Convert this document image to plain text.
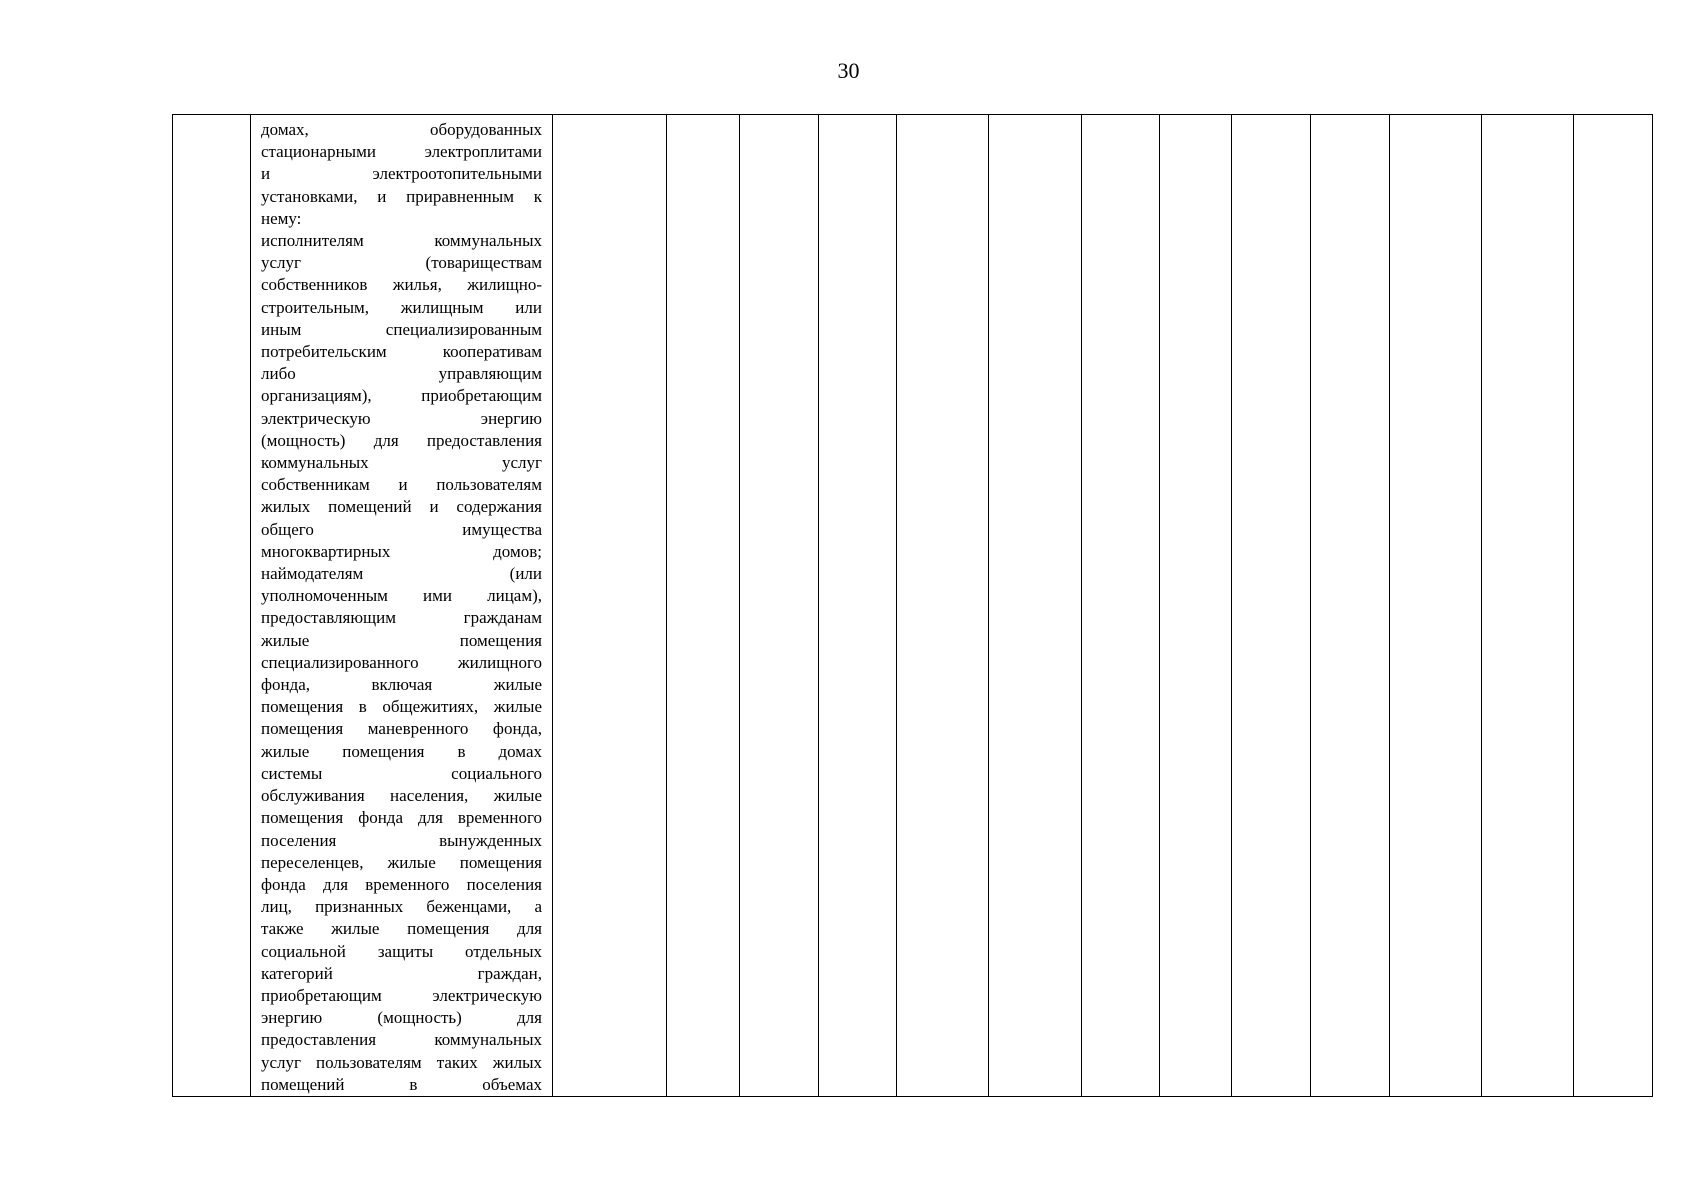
30

домах, оборудованных
стационарными электроплитами
и электроотопительными
установками, и приравненным к
нему:
исполнителям коммунальных
услуг (товариществам
собственников жилья, жилищно-
строительным, жилищным или
иным специализированным
потребительским кооперативам
либо управляющим
организациям), приобретающим
электрическую энергию
(мощность) для предоставления
коммунальных услуг
собственникам и пользователям
жилых помещений и содержания
общего имущества
многоквартирных домов;
наймодателям (или
уполномоченным ими лицам),
предоставляющим гражданам
жилые помещения
специализированного жилищного
фонда, включая жилые
помещения в общежитиях, жилые
помещения маневренного фонда,
жилые помещения в домах
системы социального
обслуживания населения, жилые
помещения фонда для временного
поселения вынужденных
переселенцев, жилые помещения
фонда для временного поселения
лиц, признанных беженцами, а
также жилые помещения для
социальной защиты отдельных
категорий граждан,
приобретающим электрическую
энергию (мощность) для
предоставления коммунальных
услуг пользователям таких жилых
помещений в объемах
